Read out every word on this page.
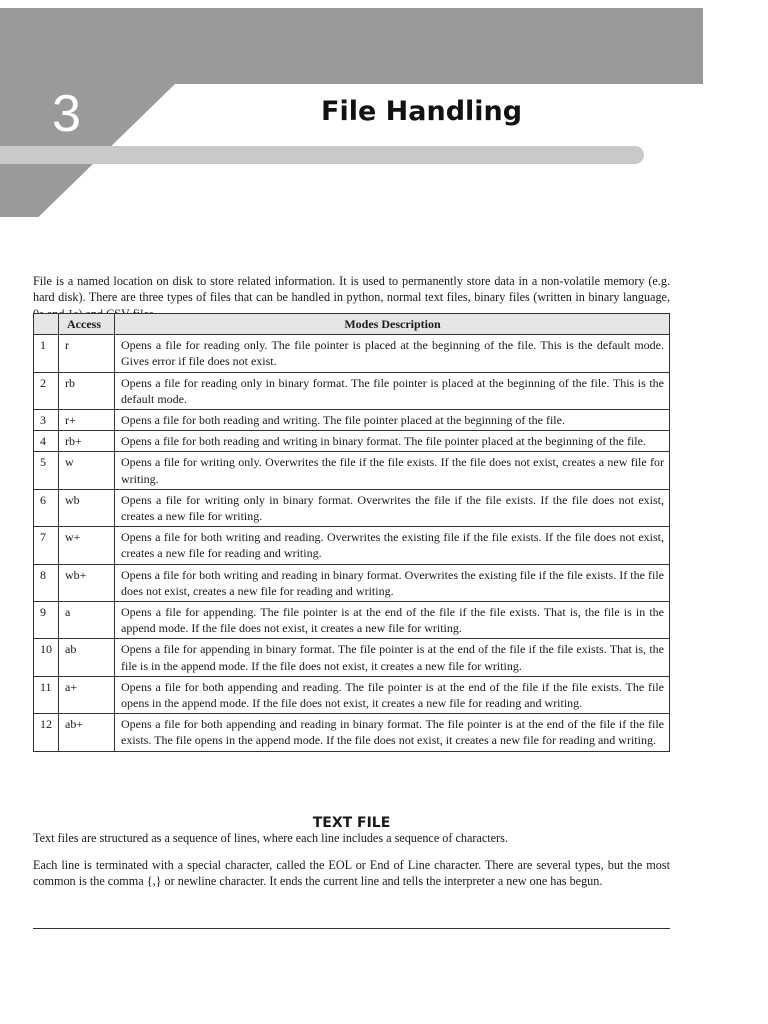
3	File Handling

File is a named location on disk to store related information. It is used to permanently store data in a non-volatile memory (e.g. hard disk). There are three types of files that can be handled in python, normal text files, binary files (written in binary language,

	Access	Modes Description
1	r	Opens a file for reading only. The file pointer is placed at the beginning of the file. This is the default mode. Gives error if file does not exist.
2	rb	Opens a file for reading only in binary format. The file pointer is placed at the beginning of the file. This is the default mode.
3	r+	Opens a file for both reading and writing. The file pointer placed at the beginning of the file.
4	rb+	Opens a file for both reading and writing in binary format. The file pointer placed at the beginning of the file.
5	w	Opens a file for writing only. Overwrites the file if the file exists. If the file does not exist, creates a new file for writing.
6	wb	Opens a file for writing only in binary format. Overwrites the file if the file exists. If the file does not exist, creates a new file for writing.
7	w+	Opens a file for both writing and reading. Overwrites the existing file if the file exists. If the file does not exist, creates a new file for reading and writing.
8	wb+	Opens a file for both writing and reading in binary format. Overwrites the existing file if the file exists. If the file does not exist, creates a new file for reading and writing.
9	a	Opens a file for appending. The file pointer is at the end of the file if the file exists. That is, the file is in the append mode. If the file does not exist, it creates a new file for writing.
10	ab	Opens a file for appending in binary format. The file pointer is at the end of the file if the file exists. That is, the file is in the append mode. If the file does not exist, it creates a new file for writing.
11	a+	Opens a file for both appending and reading. The file pointer is at the end of the file if the file exists. The file opens in the append mode. If the file does not exist, it creates a new file for reading and writing.
12	ab+	Opens a file for both appending and reading in binary format. The file pointer is at the end of the file if the file exists. The file opens in the append mode. If the file does not exist, it creates a new file for reading and writing.
TEXT FILE

Text files are structured as a sequence of lines, where each line includes a sequence of characters.

Each line is terminated with a special character, called the EOL or End of Line character. There are several types, but the most common is the comma {,} or newline character. It ends the current line and tells the interpreter a new one has begun.
